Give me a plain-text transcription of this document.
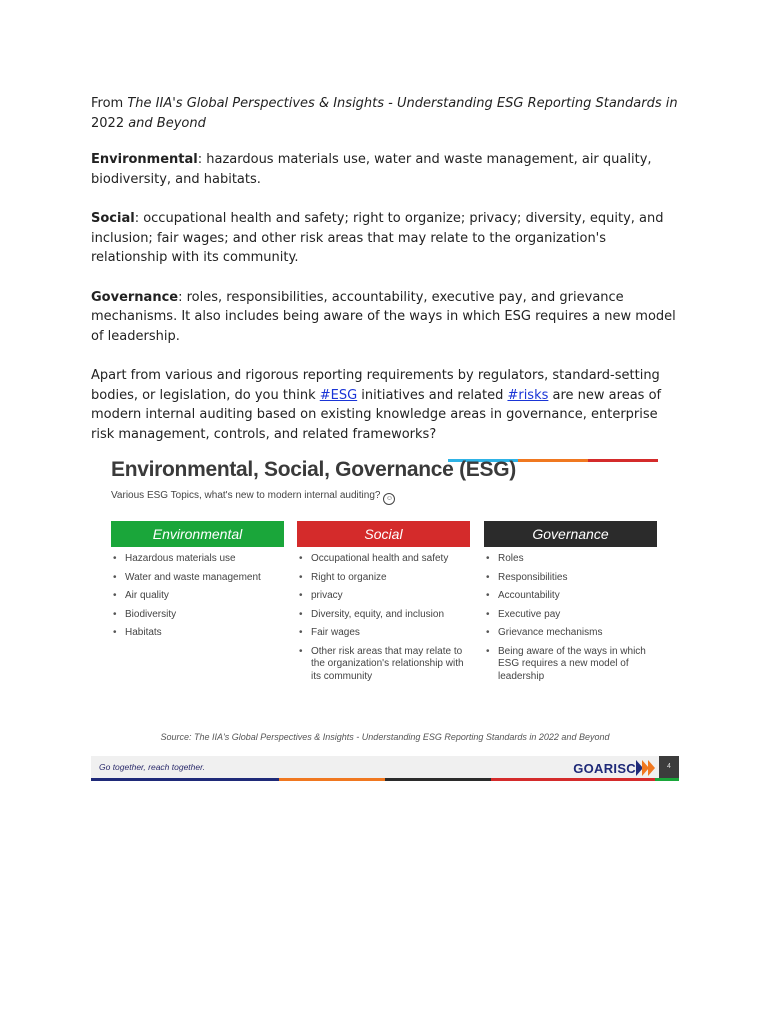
From The IIA's Global Perspectives & Insights - Understanding ESG Reporting Standards in 2022 and Beyond

Environmental: hazardous materials use, water and waste management, air quality, biodiversity, and habitats.

Social: occupational health and safety; right to organize; privacy; diversity, equity, and inclusion; fair wages; and other risk areas that may relate to the organization's relationship with its community.

Governance: roles, responsibilities, accountability, executive pay, and grievance mechanisms. It also includes being aware of the ways in which ESG requires a new model of leadership.

Apart from various and rigorous reporting requirements by regulators, standard-setting bodies, or legislation, do you think #ESG initiatives and related #risks are new areas of modern internal auditing based on existing knowledge areas in governance, enterprise risk management, controls, and related frameworks?

Environmental, Social, Governance (ESG)
Various ESG Topics, what's new to modern internal auditing? ☺
Environmental
• Hazardous materials use
• Water and waste management
• Air quality
• Biodiversity
• Habitats
Social
• Occupational health and safety
• Right to organize
• privacy
• Diversity, equity, and inclusion
• Fair wages
• Other risk areas that may relate to the organization's relationship with its community
Governance
• Roles
• Responsibilities
• Accountability
• Executive pay
• Grievance mechanisms
• Being aware of the ways in which ESG requires a new model of leadership
Source: The IIA's Global Perspectives & Insights - Understanding ESG Reporting Standards in 2022 and Beyond
Go together, reach together.	GOARISC	4
